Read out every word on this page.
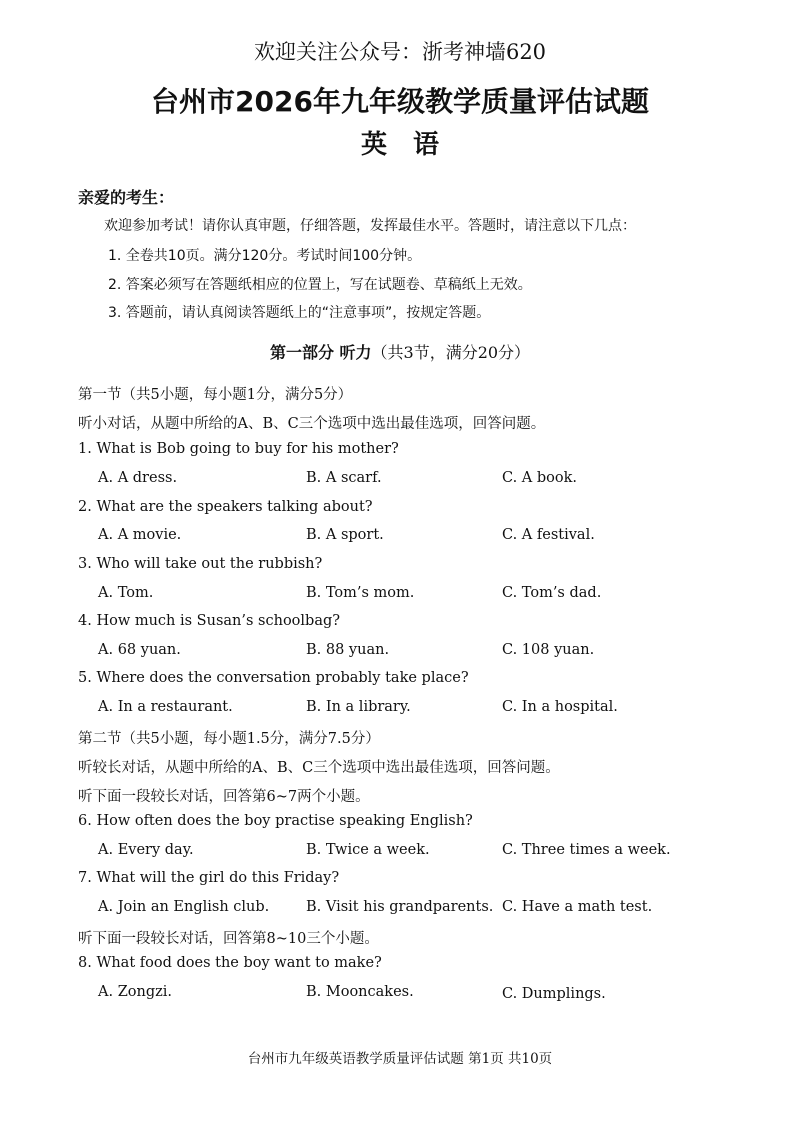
欢迎关注公众号：浙考神墙620
台州市2026年九年级教学质量评估试题
英语
亲爱的考生：
欢迎参加考试！请你认真审题，仔细答题，发挥最佳水平。答题时，请注意以下几点：
1. 全卷共10页。满分120分。考试时间100分钟。
2. 答案必须写在答题纸相应的位置上，写在试题卷、草稿纸上无效。
3. 答题前，请认真阅读答题纸上的“注意事项”，按规定答题。
第一部分 听力（共3节，满分20分）
第一节（共5小题，每小题1分，满分5分）
听小对话，从题中所给的A、B、C三个选项中选出最佳选项，回答问题。
1. What is Bob going to buy for his mother?
A. A dress.	B. A scarf.	C. A book.
2. What are the speakers talking about?
A. A movie.	B. A sport.	C. A festival.
3. Who will take out the rubbish?
A. Tom.	B. Tom’s mom.	C. Tom’s dad.
4. How much is Susan’s schoolbag?
A. 68 yuan.	B. 88 yuan.	C. 108 yuan.
5. Where does the conversation probably take place?
A. In a restaurant.	B. In a library.	C. In a hospital.
第二节（共5小题，每小题1.5分，满分7.5分）
听较长对话，从题中所给的A、B、C三个选项中选出最佳选项，回答问题。
听下面一段较长对话，回答第6~7两个小题。
6. How often does the boy practise speaking English?
A. Every day.	B. Twice a week.	C. Three times a week.
7. What will the girl do this Friday?
A. Join an English club.	B. Visit his grandparents. C. Have a math test.
听下面一段较长对话，回答第8~10三个小题。
8. What food does the boy want to make?
A. Zongzi.	B. Mooncakes.	C. Dumplings.
台州市九年级英语教学质量评估试题 第1页 共10页
